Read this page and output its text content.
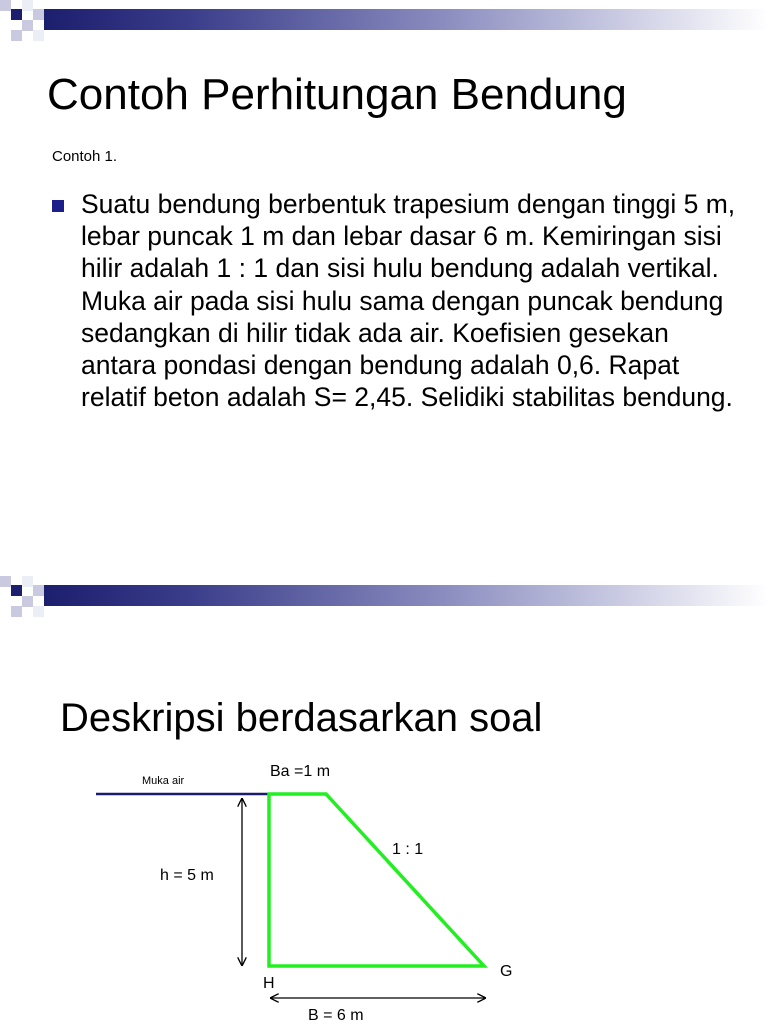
Contoh Perhitungan Bendung
Contoh 1.
Suatu bendung berbentuk trapesium dengan tinggi 5 m, lebar puncak 1 m dan lebar dasar 6 m. Kemiringan sisi hilir adalah 1 : 1 dan sisi hulu bendung adalah vertikal. Muka air pada sisi hulu sama dengan puncak bendung sedangkan di hilir tidak ada air. Koefisien gesekan antara pondasi dengan bendung adalah 0,6. Rapat relatif beton adalah S= 2,45. Selidiki stabilitas bendung.
Deskripsi berdasarkan soal
Muka air
Ba =1 m
1 : 1
h = 5 m
H
G
B = 6 m
